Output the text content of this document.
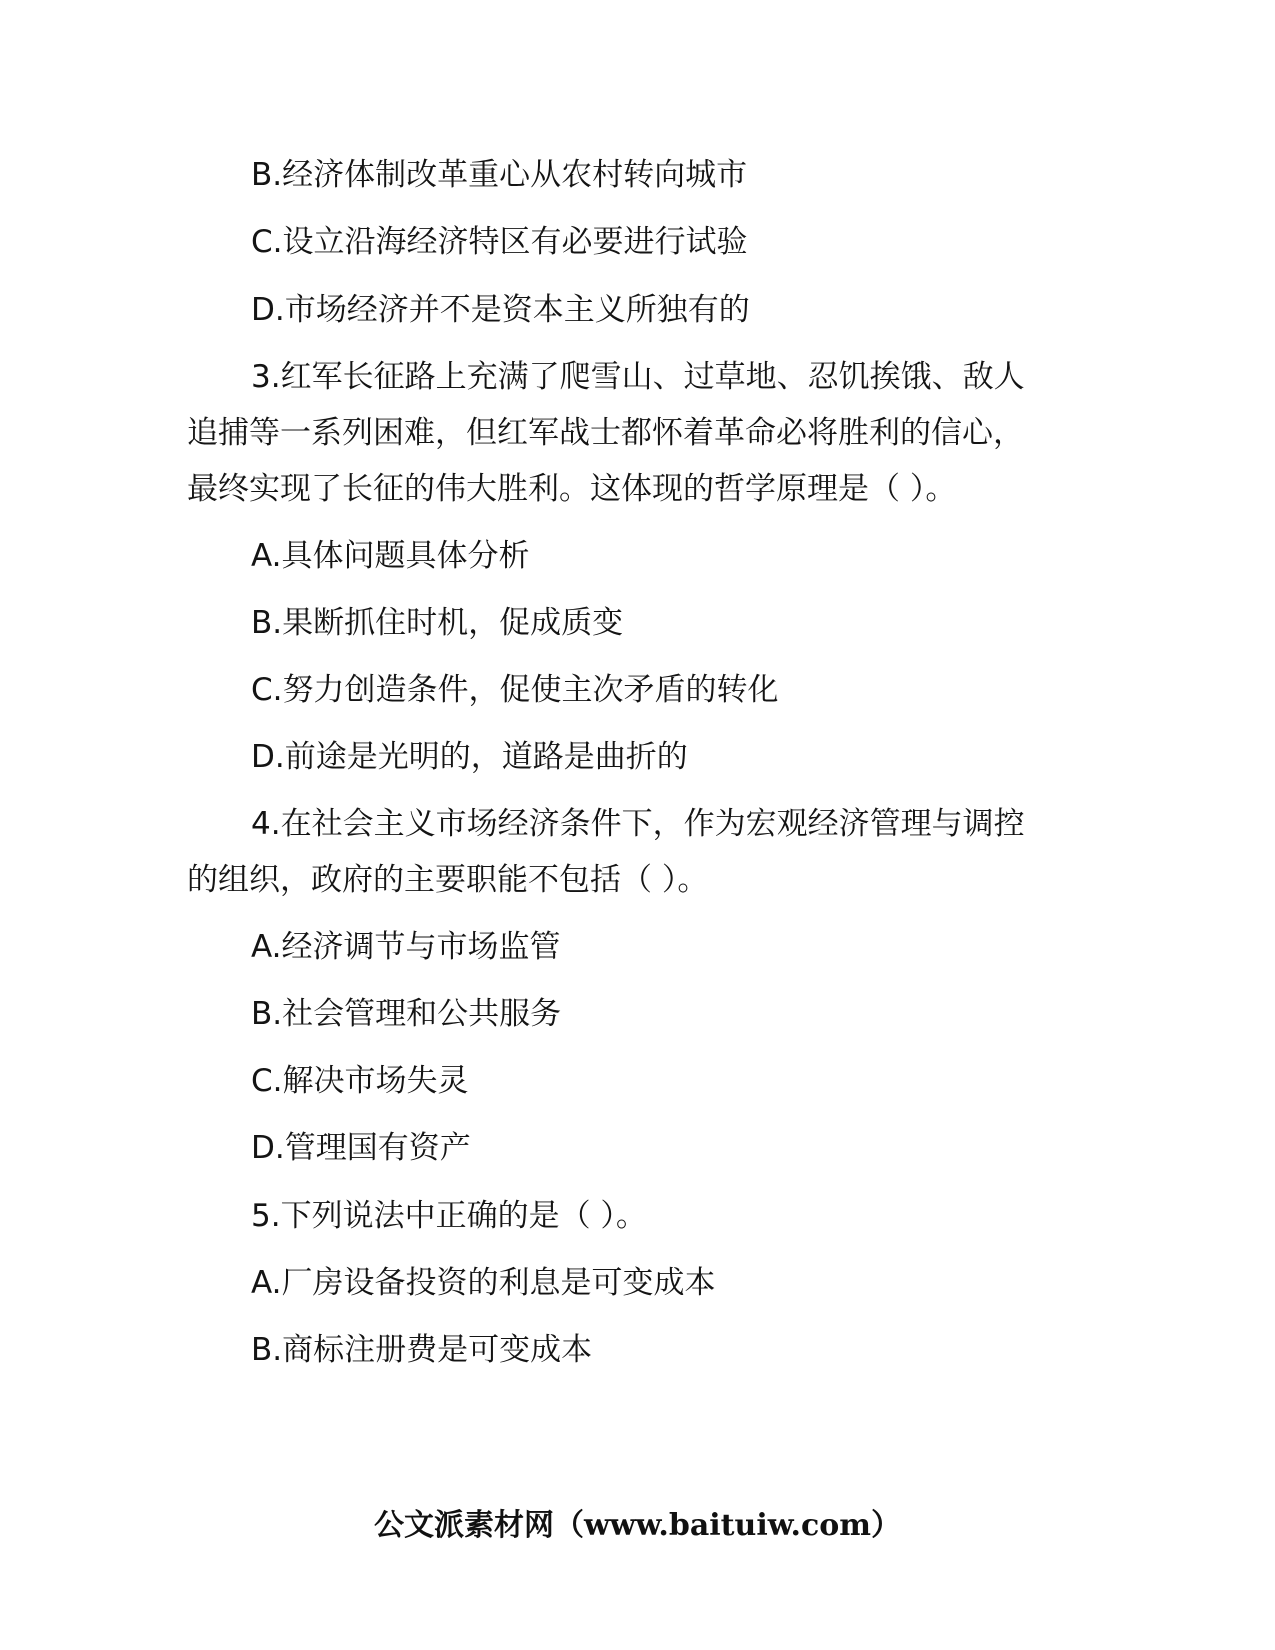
B.经济体制改革重心从农村转向城市
C.设立沿海经济特区有必要进行试验
D.市场经济并不是资本主义所独有的
3.红军长征路上充满了爬雪山、过草地、忍饥挨饿、敌人
追捕等一系列困难，但红军战士都怀着革命必将胜利的信心，
最终实现了长征的伟大胜利。这体现的哲学原理是（ ）。
A.具体问题具体分析
B.果断抓住时机，促成质变
C.努力创造条件，促使主次矛盾的转化
D.前途是光明的，道路是曲折的
4.在社会主义市场经济条件下，作为宏观经济管理与调控
的组织，政府的主要职能不包括（ ）。
A.经济调节与市场监管
B.社会管理和公共服务
C.解决市场失灵
D.管理国有资产
5.下列说法中正确的是（ ）。
A.厂房设备投资的利息是可变成本
B.商标注册费是可变成本
公文派素材网（www.baituiw.com）
